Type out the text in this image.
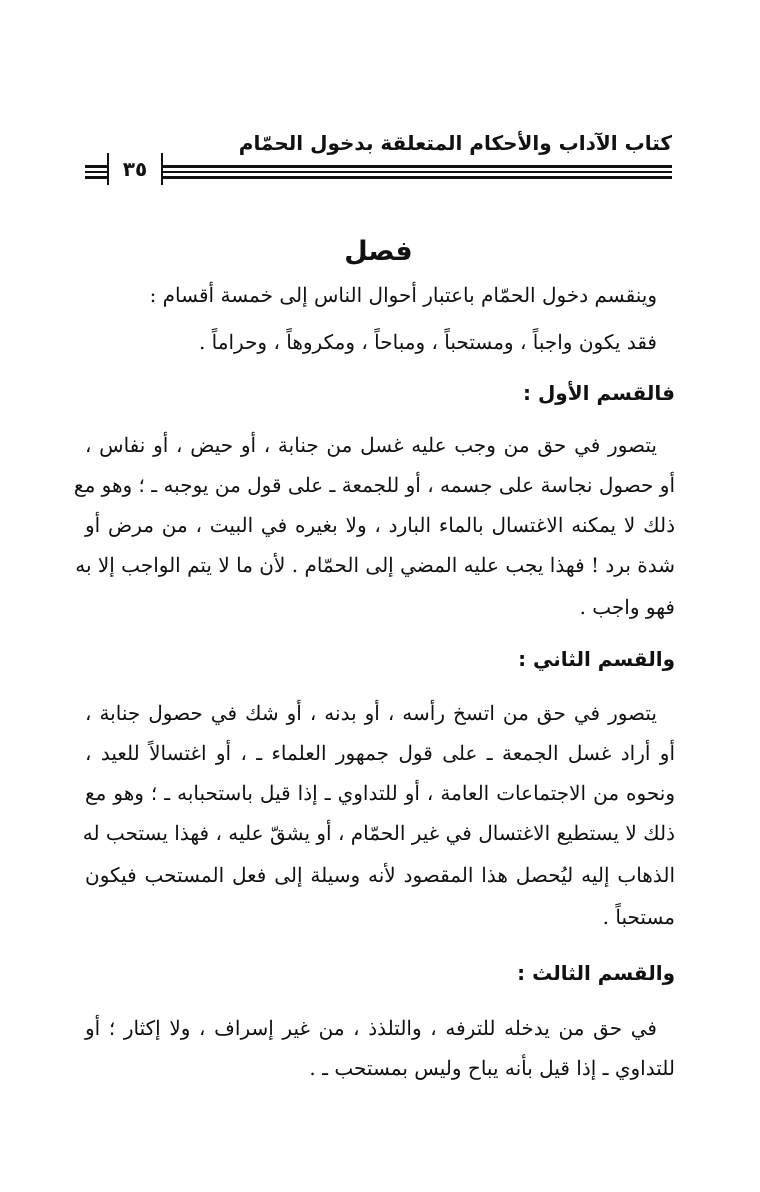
كتاب الآداب والأحكام المتعلقة بدخول الحمّام
٣٥
فصل
وينقسم دخول الحمّام باعتبار أحوال الناس إلى خمسة أقسام :
فقد يكون واجباً ، ومستحباً ، ومباحاً ، ومكروهاً ، وحراماً .
فالقسم الأول :
يتصور في حق من وجب عليه غسل من جنابة ، أو حيض ، أو نفاس ،
أو حصول نجاسة على جسمه ، أو للجمعة ـ على قول من يوجبه ـ ؛ وهو مع
ذلك لا يمكنه الاغتسال بالماء البارد ، ولا بغيره في البيت ، من مرض أو
شدة برد ! فهذا يجب عليه المضي إلى الحمّام . لأن ما لا يتم الواجب إلا به
فهو واجب .
والقسم الثاني :
يتصور في حق من اتسخ رأسه ، أو بدنه ، أو شك في حصول جنابة ،
أو أراد غسل الجمعة ـ على قول جمهور العلماء ـ ، أو اغتسالاً للعيد ،
ونحوه من الاجتماعات العامة ، أو للتداوي ـ إذا قيل باستحبابه ـ ؛ وهو مع
ذلك لا يستطيع الاغتسال في غير الحمّام ، أو يشقّ عليه ، فهذا يستحب له
الذهاب إليه ليُحصل هذا المقصود لأنه وسيلة إلى فعل المستحب فيكون
مستحباً .
والقسم الثالث :
في حق من يدخله للترفه ، والتلذذ ، من غير إسراف ، ولا إكثار ؛ أو
للتداوي ـ إذا قيل بأنه يباح وليس بمستحب ـ .
